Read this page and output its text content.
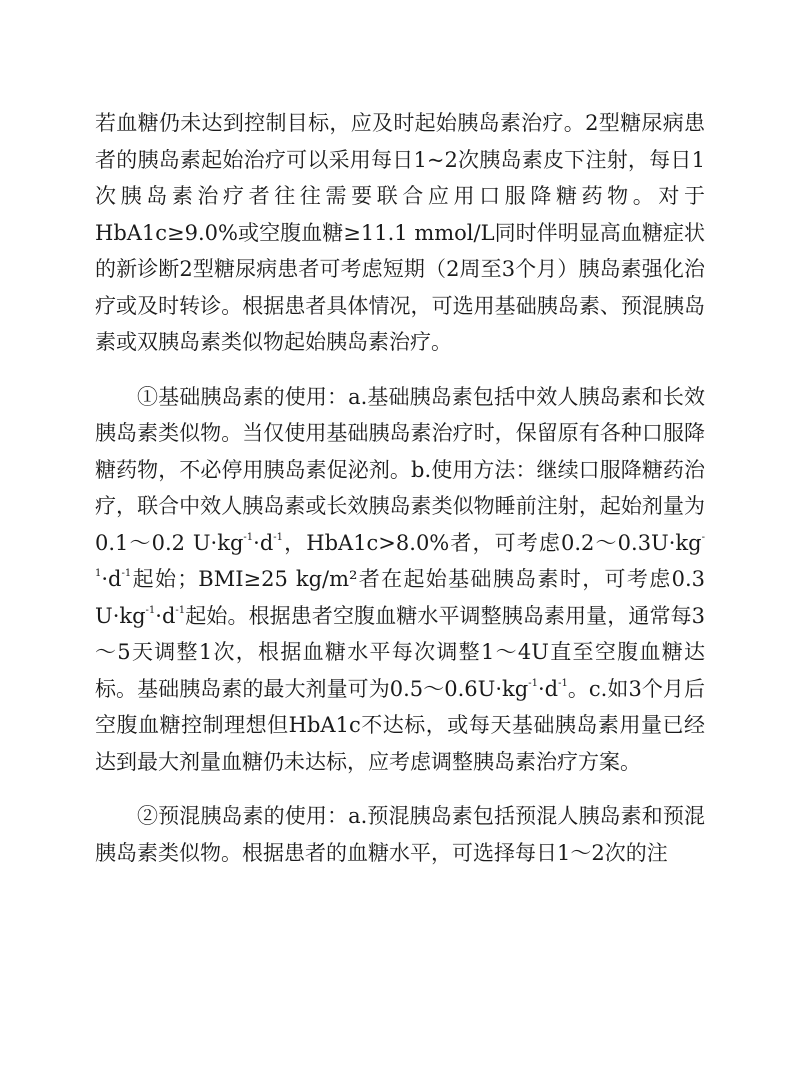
若血糖仍未达到控制目标，应及时起始胰岛素治疗。2型糖尿病患者的胰岛素起始治疗可以采用每日1~2次胰岛素皮下注射，每日1次胰岛素治疗者往往需要联合应用口服降糖药物。对于HbA1c≥9.0%或空腹血糖≥11.1 mmol/L同时伴明显高血糖症状的新诊断2型糖尿病患者可考虑短期（2周至3个月）胰岛素强化治疗或及时转诊。根据患者具体情况，可选用基础胰岛素、预混胰岛素或双胰岛素类似物起始胰岛素治疗。

①基础胰岛素的使用：a.基础胰岛素包括中效人胰岛素和长效胰岛素类似物。当仅使用基础胰岛素治疗时，保留原有各种口服降糖药物，不必停用胰岛素促泌剂。b.使用方法：继续口服降糖药治疗，联合中效人胰岛素或长效胰岛素类似物睡前注射，起始剂量为0.1～0.2 $U\cdot kg^{-1}\cdot d^{-1}$，HbA1c>8.0%者，可考虑$0.2\sim 0.3U\cdot kg^{-1}\cdot d^{-1}$起始；BMI≥25 kg/m²者在起始基础胰岛素时，可考虑0.3 $U\cdot kg^{-1}\cdot d^{-1}$起始。根据患者空腹血糖水平调整胰岛素用量，通常每3～5天调整1次，根据血糖水平每次调整1～4U直至空腹血糖达标。基础胰岛素的最大剂量可为$0.5\sim 0.6U\cdot kg^{-1}\cdot d^{-1}$。c.如3个月后空腹血糖控制理想但HbA1c不达标，或每天基础胰岛素用量已经达到最大剂量血糖仍未达标，应考虑调整胰岛素治疗方案。

②预混胰岛素的使用：a.预混胰岛素包括预混人胰岛素和预混胰岛素类似物。根据患者的血糖水平，可选择每日1～2次的注
